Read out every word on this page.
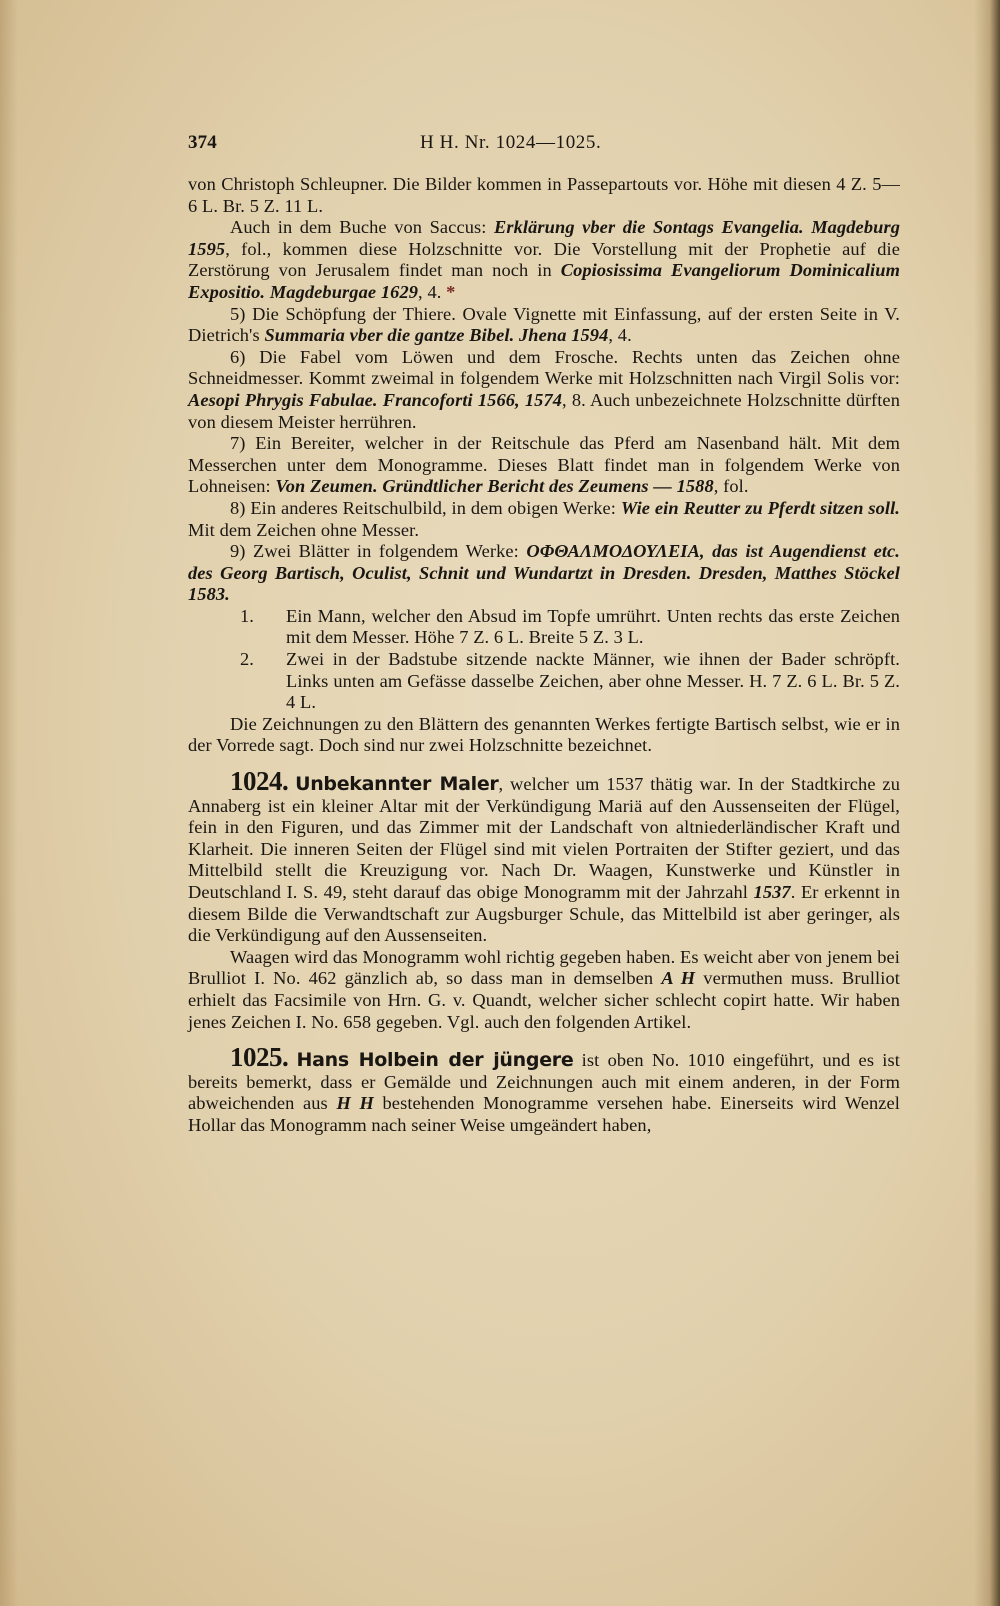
374	H H. Nr. 1024—1025.

von Christoph Schleupner. Die Bilder kommen in Passepartouts vor. Höhe mit diesen 4 Z. 5—6 L. Br. 5 Z. 11 L.

Auch in dem Buche von Saccus: Erklärung vber die Sontags Evangelia. Magdeburg 1595, fol., kommen diese Holzschnitte vor. Die Vorstellung mit der Prophetie auf die Zerstörung von Jerusalem findet man noch in Copiosissima Evangeliorum Dominicalium Expositio. Magdeburgae 1629, 4. *

5) Die Schöpfung der Thiere. Ovale Vignette mit Einfassung, auf der ersten Seite in V. Dietrich's Summaria vber die gantze Bibel. Jhena 1594, 4.

6) Die Fabel vom Löwen und dem Frosche. Rechts unten das Zeichen ohne Schneidmesser. Kommt zweimal in folgendem Werke mit Holzschnitten nach Virgil Solis vor: Aesopi Phrygis Fabulae. Francoforti 1566, 1574, 8. Auch unbezeichnete Holzschnitte dürften von diesem Meister herrühren.

7) Ein Bereiter, welcher in der Reitschule das Pferd am Nasenband hält. Mit dem Messerchen unter dem Monogramme. Dieses Blatt findet man in folgendem Werke von Lohneisen: Von Zeumen. Gründtlicher Bericht des Zeumens — 1588, fol.

8) Ein anderes Reitschulbild, in dem obigen Werke: Wie ein Reutter zu Pferdt sitzen soll. Mit dem Zeichen ohne Messer.

9) Zwei Blätter in folgendem Werke: ΟΦΘΑΛΜΟΔΟΥΛΕΙΑ, das ist Augendienst etc. des Georg Bartisch, Oculist, Schnit und Wundartzt in Dresden. Dresden, Matthes Stöckel 1583.

1. Ein Mann, welcher den Absud im Topfe umrührt. Unten rechts das erste Zeichen mit dem Messer. Höhe 7 Z. 6 L. Breite 5 Z. 3 L.
2. Zwei in der Badstube sitzende nackte Männer, wie ihnen der Bader schröpft. Links unten am Gefässe dasselbe Zeichen, aber ohne Messer. H. 7 Z. 6 L. Br. 5 Z. 4 L.

Die Zeichnungen zu den Blättern des genannten Werkes fertigte Bartisch selbst, wie er in der Vorrede sagt. Doch sind nur zwei Holzschnitte bezeichnet.

1024. Unbekannter Maler, welcher um 1537 thätig war. In der Stadtkirche zu Annaberg ist ein kleiner Altar mit der Verkündigung Mariä auf den Aussenseiten der Flügel, fein in den Figuren, und das Zimmer mit der Landschaft von altniederländischer Kraft und Klarheit. Die inneren Seiten der Flügel sind mit vielen Portraiten der Stifter geziert, und das Mittelbild stellt die Kreuzigung vor. Nach Dr. Waagen, Kunstwerke und Künstler in Deutschland I. S. 49, steht darauf das obige Monogramm mit der Jahrzahl 1537. Er erkennt in diesem Bilde die Verwandtschaft zur Augsburger Schule, das Mittelbild ist aber geringer, als die Verkündigung auf den Aussenseiten.

Waagen wird das Monogramm wohl richtig gegeben haben. Es weicht aber von jenem bei Brulliot I. No. 462 gänzlich ab, so dass man in demselben A H vermuthen muss. Brulliot erhielt das Facsimile von Hrn. G. v. Quandt, welcher sicher schlecht copirt hatte. Wir haben jenes Zeichen I. No. 658 gegeben. Vgl. auch den folgenden Artikel.

1025. Hans Holbein der jüngere ist oben No. 1010 eingeführt, und es ist bereits bemerkt, dass er Gemälde und Zeichnungen auch mit einem anderen, in der Form abweichenden aus H H bestehenden Monogramme versehen habe. Einerseits wird Wenzel Hollar das Monogramm nach seiner Weise umgeändert haben,
